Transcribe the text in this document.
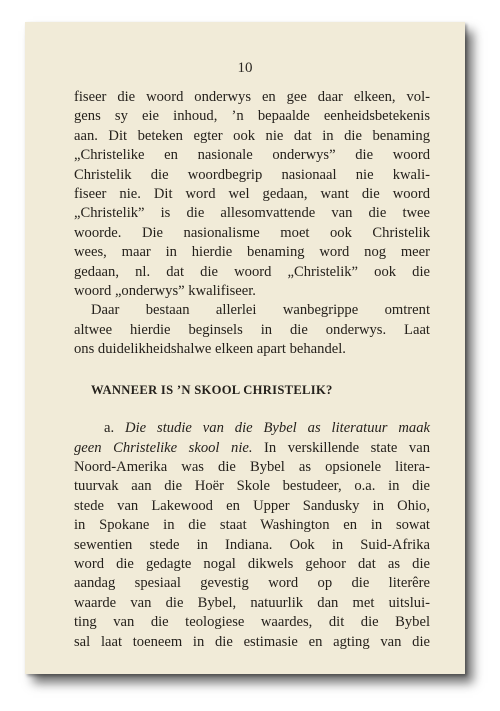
10
fiseer die woord onderwys en gee daar elkeen, vol-
gens sy eie inhoud, ’n bepaalde eenheidsbetekenis
aan. Dit beteken egter ook nie dat in die benaming
„Christelike en nasionale onderwys” die woord
Christelik die woordbegrip nasionaal nie kwali-
fiseer nie. Dit word wel gedaan, want die woord
„Christelik” is die allesomvattende van die twee
woorde. Die nasionalisme moet ook Christelik
wees, maar in hierdie benaming word nog meer
gedaan, nl. dat die woord „Christelik” ook die
woord „onderwys” kwalifiseer.
Daar bestaan allerlei wanbegrippe omtrent
altwee hierdie beginsels in die onderwys. Laat
ons duidelikheidshalwe elkeen apart behandel.
WANNEER IS ’N SKOOL CHRISTELIK?
a. Die studie van die Bybel as literatuur maak
geen Christelike skool nie. In verskillende state van
Noord-Amerika was die Bybel as opsionele litera-
tuurvak aan die Hoër Skole bestudeer, o.a. in die
stede van Lakewood en Upper Sandusky in Ohio,
in Spokane in die staat Washington en in sowat
sewentien stede in Indiana. Ook in Suid-Afrika
word die gedagte nogal dikwels gehoor dat as die
aandag spesiaal gevestig word op die literêre
waarde van die Bybel, natuurlik dan met uitslui-
ting van die teologiese waardes, dit die Bybel
sal laat toeneem in die estimasie en agting van die
